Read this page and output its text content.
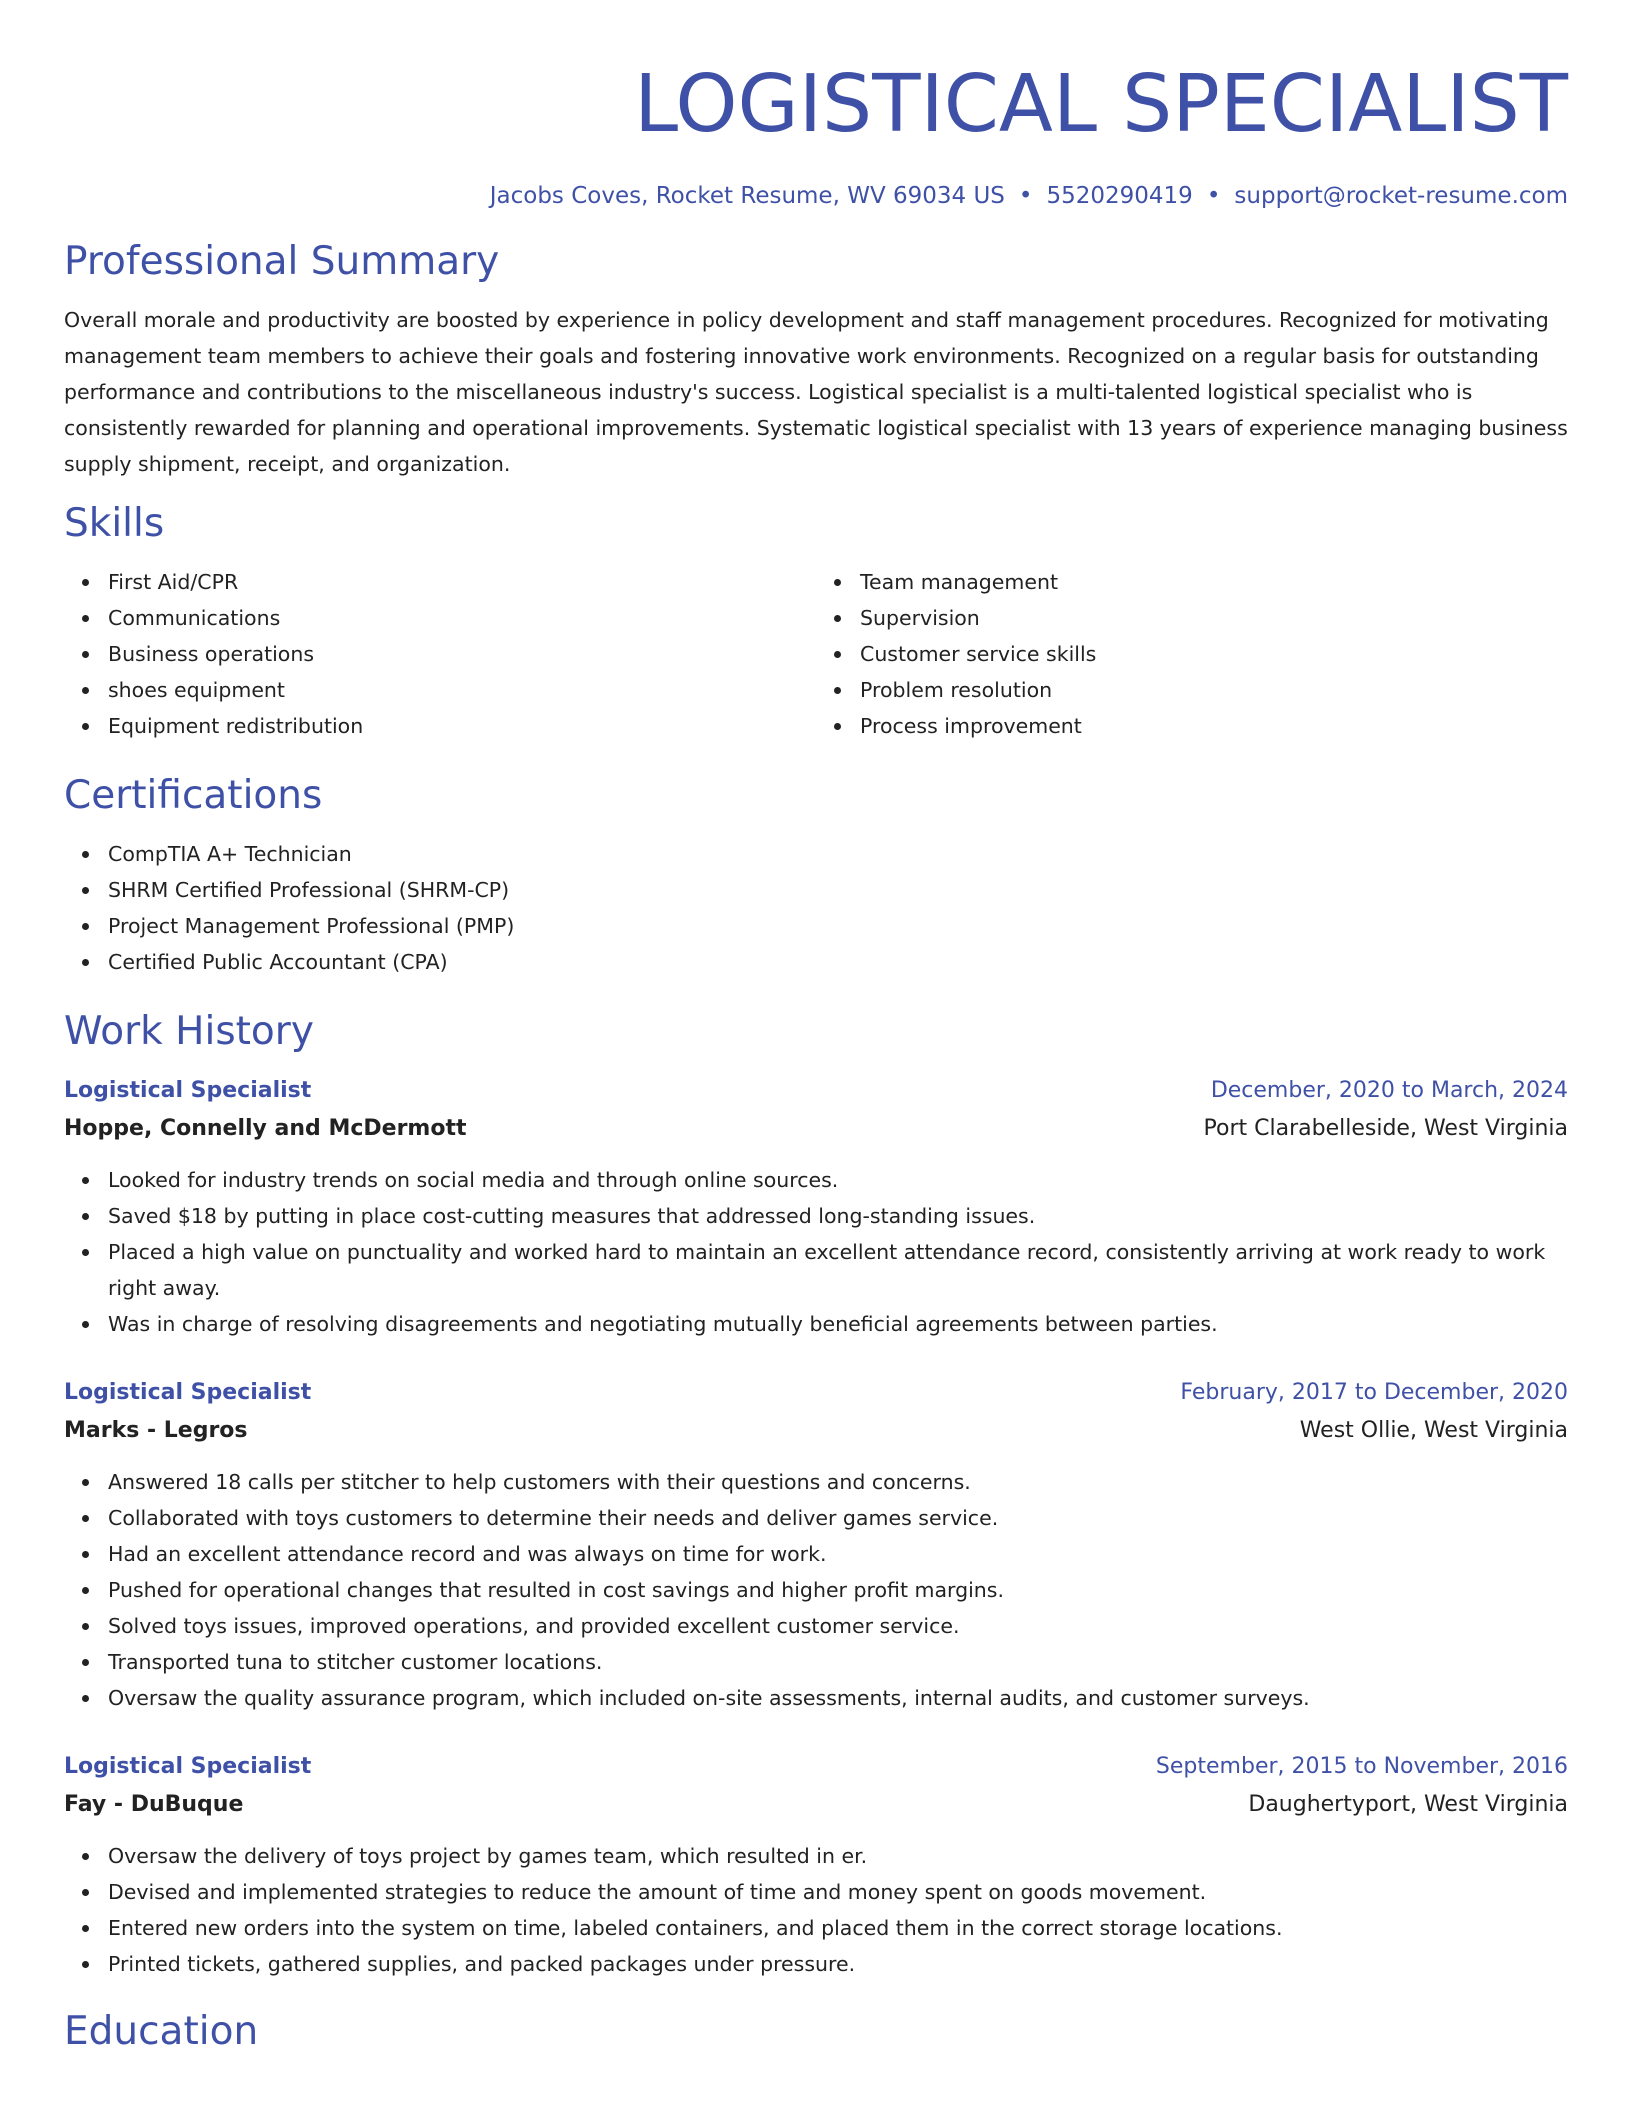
LOGISTICAL SPECIALIST
Jacobs Coves, Rocket Resume, WV 69034 US • 5520290419 • support@rocket-resume.com
Professional Summary

Overall morale and productivity are boosted by experience in policy development and staff management procedures. Recognized for motivating management team members to achieve their goals and fostering innovative work environments. Recognized on a regular basis for outstanding performance and contributions to the miscellaneous industry's success. Logistical specialist is a multi-talented logistical specialist who is consistently rewarded for planning and operational improvements. Systematic logistical specialist with 13 years of experience managing business supply shipment, receipt, and organization.

Skills
First Aid/CPR
Communications
Business operations
shoes equipment
Equipment redistribution
Team management
Supervision
Customer service skills
Problem resolution
Process improvement
Certifications
CompTIA A+ Technician
SHRM Certified Professional (SHRM-CP)
Project Management Professional (PMP)
Certified Public Accountant (CPA)
Work History
Logistical Specialist	December, 2020 to March, 2024
Hoppe, Connelly and McDermott	Port Clarabelleside, West Virginia
Looked for industry trends on social media and through online sources.
Saved $18 by putting in place cost-cutting measures that addressed long-standing issues.
Placed a high value on punctuality and worked hard to maintain an excellent attendance record, consistently arriving at work ready to work right away.
Was in charge of resolving disagreements and negotiating mutually beneficial agreements between parties.
Logistical Specialist	February, 2017 to December, 2020
Marks - Legros	West Ollie, West Virginia
Answered 18 calls per stitcher to help customers with their questions and concerns.
Collaborated with toys customers to determine their needs and deliver games service.
Had an excellent attendance record and was always on time for work.
Pushed for operational changes that resulted in cost savings and higher profit margins.
Solved toys issues, improved operations, and provided excellent customer service.
Transported tuna to stitcher customer locations.
Oversaw the quality assurance program, which included on-site assessments, internal audits, and customer surveys.
Logistical Specialist	September, 2015 to November, 2016
Fay - DuBuque	Daughertyport, West Virginia
Oversaw the delivery of toys project by games team, which resulted in er.
Devised and implemented strategies to reduce the amount of time and money spent on goods movement.
Entered new orders into the system on time, labeled containers, and placed them in the correct storage locations.
Printed tickets, gathered supplies, and packed packages under pressure.
Education
